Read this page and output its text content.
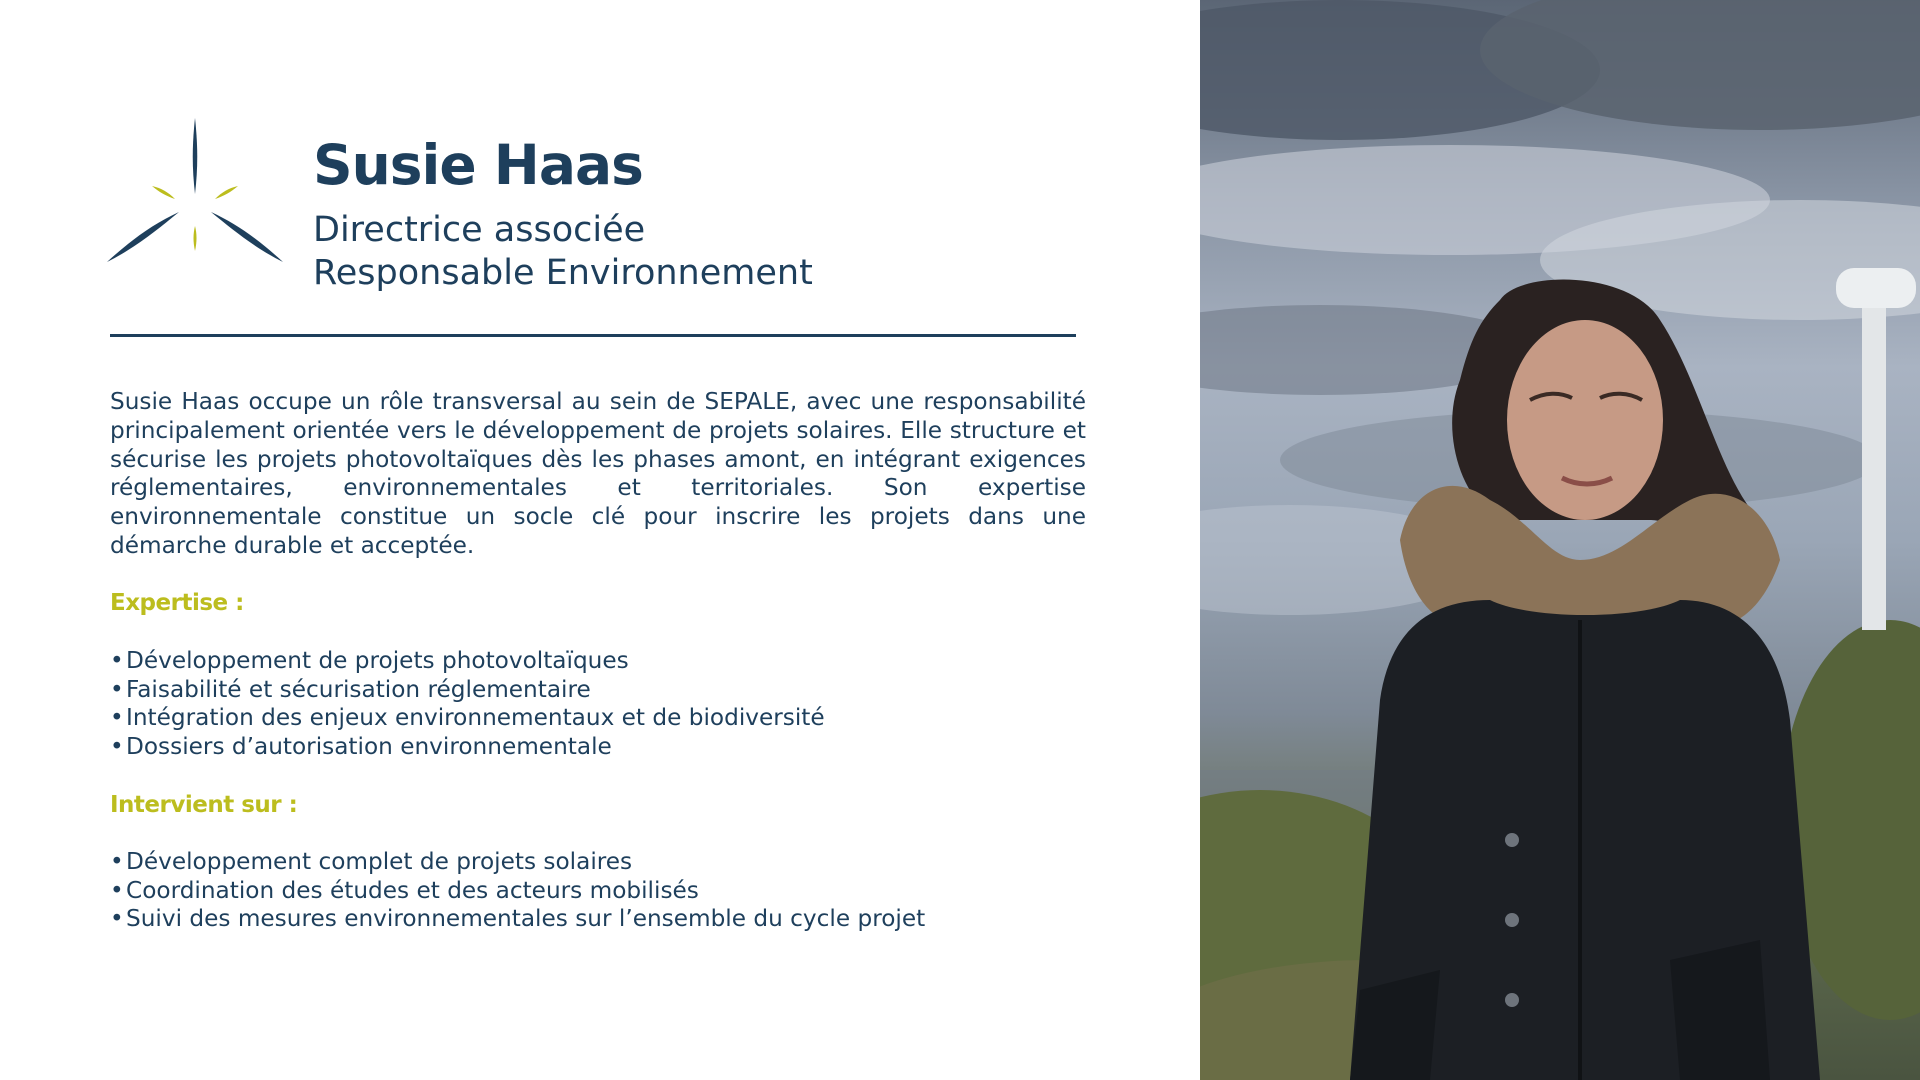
Susie Haas
Directrice associée
Responsable Environnement

Susie Haas occupe un rôle transversal au sein de SEPALE, avec une responsabilité principalement orientée vers le développement de projets solaires. Elle structure et sécurise les projets photovoltaïques dès les phases amont, en intégrant exigences réglementaires, environnementales et territoriales. Son expertise environnementale constitue un socle clé pour inscrire les projets dans une démarche durable et acceptée.

Expertise :
•Développement de projets photovoltaïques
•Faisabilité et sécurisation réglementaire
•Intégration des enjeux environnementaux et de biodiversité
•Dossiers d’autorisation environnementale
Intervient sur :
•Développement complet de projets solaires
•Coordination des études et des acteurs mobilisés
•Suivi des mesures environnementales sur l’ensemble du cycle projet
